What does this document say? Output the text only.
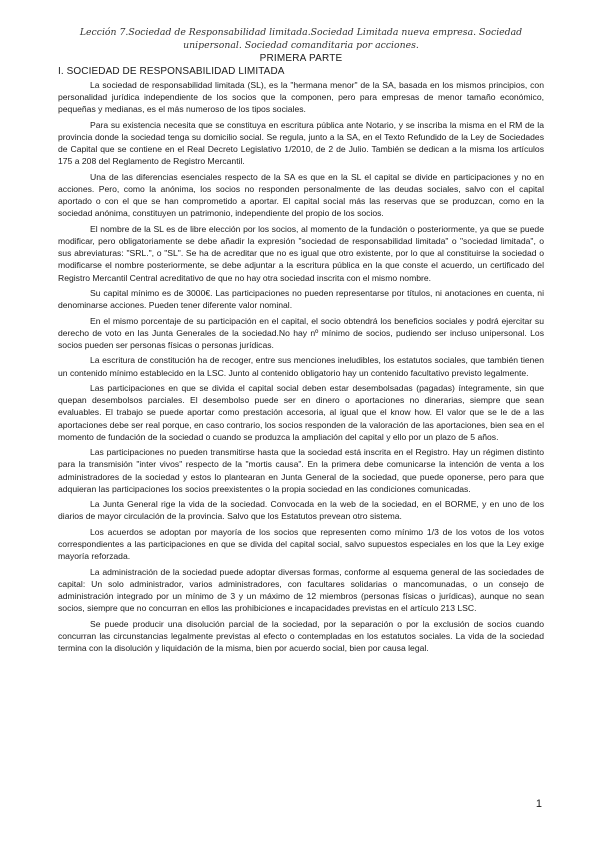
Lección 7.Sociedad de Responsabilidad limitada.Sociedad Limitada nueva empresa. Sociedad unipersonal. Sociedad comanditaria por acciones.
PRIMERA PARTE
I. SOCIEDAD DE RESPONSABILIDAD LIMITADA

La sociedad de responsabilidad limitada (SL), es la "hermana menor" de la SA, basada en los mismos principios, con personalidad jurídica independiente de los socios que la componen, pero para empresas de menor tamaño económico, pequeñas y medianas, es el más numeroso de los tipos sociales.

Para su existencia necesita que se constituya en escritura pública ante Notario, y se inscriba la misma en el RM de la provincia donde la sociedad tenga su domicilio social. Se regula, junto a la SA, en el Texto Refundido de la Ley de Sociedades de Capital que se contiene en el Real Decreto Legislativo 1/2010, de 2 de Julio. También se dedican a la misma los artículos 175 a 208 del Reglamento de Registro Mercantil.

Una de las diferencias esenciales respecto de la SA es que en la SL el capital se divide en participaciones y no en acciones. Pero, como la anónima, los socios no responden personalmente de las deudas sociales, salvo con el capital aportado o con el que se han comprometido a aportar. El capital social más las reservas que se produzcan, como en la sociedad anónima, constituyen un patrimonio, independiente del propio de los socios.

El nombre de la SL es de libre elección por los socios, al momento de la fundación o posteriormente, ya que se puede modificar, pero obligatoriamente se debe añadir la expresión "sociedad de responsabilidad limitada" o "sociedad limitada", o sus abreviaturas: "SRL.", o "SL". Se ha de acreditar que no es igual que otro existente, por lo que al constituirse la sociedad o modificarse el nombre posteriormente, se debe adjuntar a la escritura pública en la que conste el acuerdo, un certificado del Registro Mercantil Central acreditativo de que no hay otra sociedad inscrita con el mismo nombre.

Su capital mínimo es de 3000€. Las participaciones no pueden representarse por títulos, ni anotaciones en cuenta, ni denominarse acciones. Pueden tener diferente valor nominal.

En el mismo porcentaje de su participación en el capital, el socio obtendrá los beneficios sociales y podrá ejercitar su derecho de voto en las Junta Generales de la sociedad.No hay nº mínimo de socios, pudiendo ser incluso unipersonal. Los socios pueden ser personas físicas o personas jurídicas.

La escritura de constitución ha de recoger, entre sus menciones ineludibles, los estatutos sociales, que también tienen un contenido mínimo establecido en la LSC. Junto al contenido obligatorio hay un contenido facultativo previsto legalmente.

Las participaciones en que se divida el capital social deben estar desembolsadas (pagadas) íntegramente, sin que quepan desembolsos parciales. El desembolso puede ser en dinero o aportaciones no dinerarias, siempre que sean evaluables. El trabajo se puede aportar como prestación accesoria, al igual que el know how. El valor que se le de a las aportaciones debe ser real porque, en caso contrario, los socios responden de la valoración de las aportaciones, bien sea en el momento de fundación de la sociedad o cuando se produzca la ampliación del capital y ello por un plazo de 5 años.

Las participaciones no pueden transmitirse hasta que la sociedad está inscrita en el Registro. Hay un régimen distinto para la transmisión "inter vivos" respecto de la "mortis causa". En la primera debe comunicarse la intención de venta a los administradores de la sociedad y estos lo plantearan en Junta General de la sociedad, que puede oponerse, pero para que adquieran las participaciones los socios preexistentes o la propia sociedad en las condiciones comunicadas.

La Junta General rige la vida de la sociedad. Convocada en la web de la sociedad, en el BORME, y en uno de los diarios de mayor circulación de la provincia. Salvo que los Estatutos prevean otro sistema.

Los acuerdos se adoptan por mayoría de los socios que representen como mínimo 1/3 de los votos de los votos correspondientes a las participaciones en que se divida del capital social, salvo supuestos especiales en los que la Ley exige mayoría reforzada.

La administración de la sociedad puede adoptar diversas formas, conforme al esquema general de las sociedades de capital: Un solo administrador, varios administradores, con facultares solidarias o mancomunadas, o un consejo de administración integrado por un mínimo de 3 y un máximo de 12 miembros (personas físicas o jurídicas), aunque no sean socios, siempre que no concurran en ellos las prohibiciones e incapacidades previstas en el artículo 213 LSC.

Se puede producir una disolución parcial de la sociedad, por la separación o por la exclusión de socios cuando concurran las circunstancias legalmente previstas al efecto o contempladas en los estatutos sociales. La vida de la sociedad termina con la disolución y liquidación de la misma, bien por acuerdo social, bien por causa legal.

1
